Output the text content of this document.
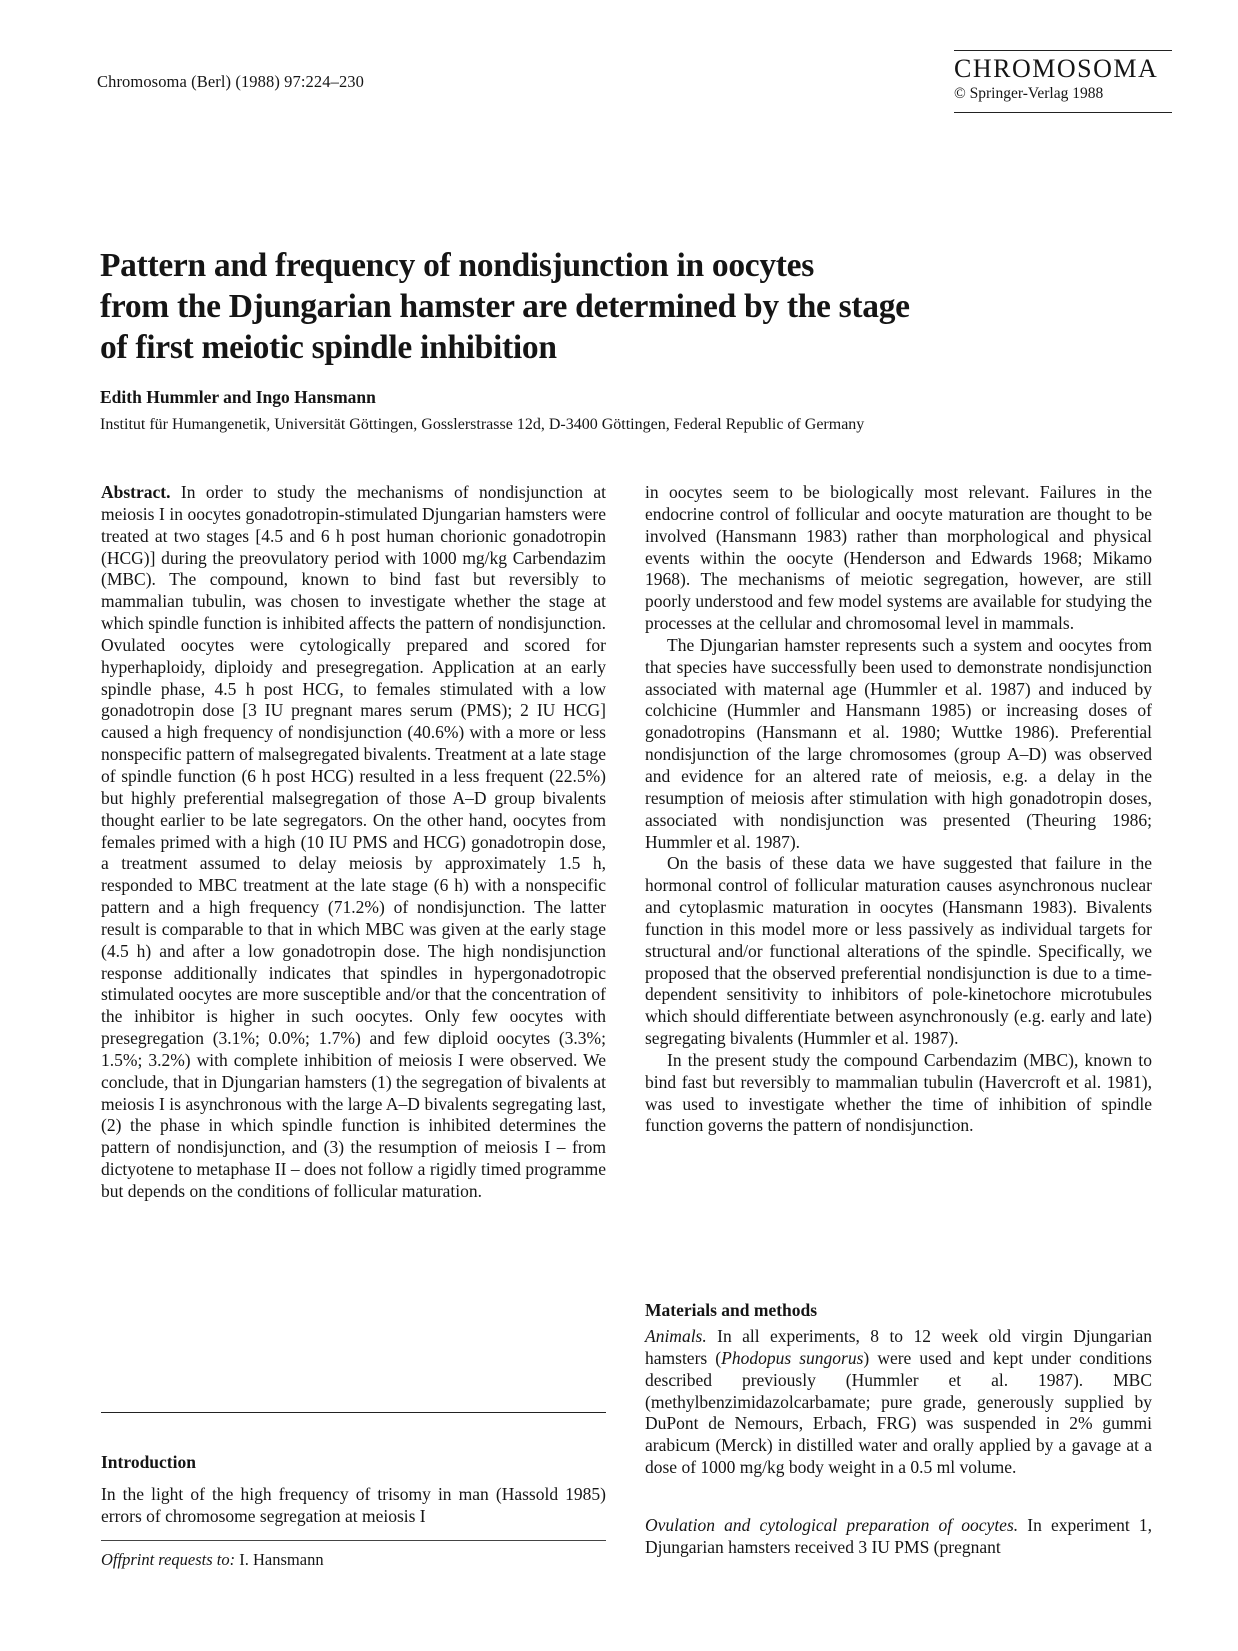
Chromosoma (Berl) (1988) 97:224–230	CHROMOSOMA
© Springer-Verlag 1988
Pattern and frequency of nondisjunction in oocytes
from the Djungarian hamster are determined by the stage
of first meiotic spindle inhibition
Edith Hummler and Ingo Hansmann
Institut für Humangenetik, Universität Göttingen, Gosslerstrasse 12d, D-3400 Göttingen, Federal Republic of Germany

Abstract. In order to study the mechanisms of nondisjunction at meiosis I in oocytes gonadotropin-stimulated Djungarian hamsters were treated at two stages [4.5 and 6 h post human chorionic gonadotropin (HCG)] during the preovulatory period with 1000 mg/kg Carbendazim (MBC). The compound, known to bind fast but reversibly to mammalian tubulin, was chosen to investigate whether the stage at which spindle function is inhibited affects the pattern of nondisjunction. Ovulated oocytes were cytologically prepared and scored for hyperhaploidy, diploidy and presegregation. Application at an early spindle phase, 4.5 h post HCG, to females stimulated with a low gonadotropin dose [3 IU pregnant mares serum (PMS); 2 IU HCG] caused a high frequency of nondisjunction (40.6%) with a more or less nonspecific pattern of malsegregated bivalents. Treatment at a late stage of spindle function (6 h post HCG) resulted in a less frequent (22.5%) but highly preferential malsegregation of those A–D group bivalents thought earlier to be late segregators. On the other hand, oocytes from females primed with a high (10 IU PMS and HCG) gonadotropin dose, a treatment assumed to delay meiosis by approximately 1.5 h, responded to MBC treatment at the late stage (6 h) with a nonspecific pattern and a high frequency (71.2%) of nondisjunction. The latter result is comparable to that in which MBC was given at the early stage (4.5 h) and after a low gonadotropin dose. The high nondisjunction response additionally indicates that spindles in hypergonadotropic stimulated oocytes are more susceptible and/or that the concentration of the inhibitor is higher in such oocytes. Only few oocytes with presegregation (3.1%; 0.0%; 1.7%) and few diploid oocytes (3.3%; 1.5%; 3.2%) with complete inhibition of meiosis I were observed. We conclude, that in Djungarian hamsters (1) the segregation of bivalents at meiosis I is asynchronous with the large A–D bivalents segregating last, (2) the phase in which spindle function is inhibited determines the pattern of nondisjunction, and (3) the resumption of meiosis I – from dictyotene to metaphase II – does not follow a rigidly timed programme but depends on the conditions of follicular maturation.

Introduction

In the light of the high frequency of trisomy in man (Hassold 1985) errors of chromosome segregation at meiosis I

Offprint requests to: I. Hansmann

in oocytes seem to be biologically most relevant. Failures in the endocrine control of follicular and oocyte maturation are thought to be involved (Hansmann 1983) rather than morphological and physical events within the oocyte (Henderson and Edwards 1968; Mikamo 1968). The mechanisms of meiotic segregation, however, are still poorly understood and few model systems are available for studying the processes at the cellular and chromosomal level in mammals.

The Djungarian hamster represents such a system and oocytes from that species have successfully been used to demonstrate nondisjunction associated with maternal age (Hummler et al. 1987) and induced by colchicine (Hummler and Hansmann 1985) or increasing doses of gonadotropins (Hansmann et al. 1980; Wuttke 1986). Preferential nondisjunction of the large chromosomes (group A–D) was observed and evidence for an altered rate of meiosis, e.g. a delay in the resumption of meiosis after stimulation with high gonadotropin doses, associated with nondisjunction was presented (Theuring 1986; Hummler et al. 1987).

On the basis of these data we have suggested that failure in the hormonal control of follicular maturation causes asynchronous nuclear and cytoplasmic maturation in oocytes (Hansmann 1983). Bivalents function in this model more or less passively as individual targets for structural and/or functional alterations of the spindle. Specifically, we proposed that the observed preferential nondisjunction is due to a time-dependent sensitivity to inhibitors of pole-kinetochore microtubules which should differentiate between asynchronously (e.g. early and late) segregating bivalents (Hummler et al. 1987).

In the present study the compound Carbendazim (MBC), known to bind fast but reversibly to mammalian tubulin (Havercroft et al. 1981), was used to investigate whether the time of inhibition of spindle function governs the pattern of nondisjunction.

Materials and methods

Animals. In all experiments, 8 to 12 week old virgin Djungarian hamsters (Phodopus sungorus) were used and kept under conditions described previously (Hummler et al. 1987). MBC (methylbenzimidazolcarbamate; pure grade, generously supplied by DuPont de Nemours, Erbach, FRG) was suspended in 2% gummi arabicum (Merck) in distilled water and orally applied by a gavage at a dose of 1000 mg/kg body weight in a 0.5 ml volume.

Ovulation and cytological preparation of oocytes. In experiment 1, Djungarian hamsters received 3 IU PMS (pregnant
